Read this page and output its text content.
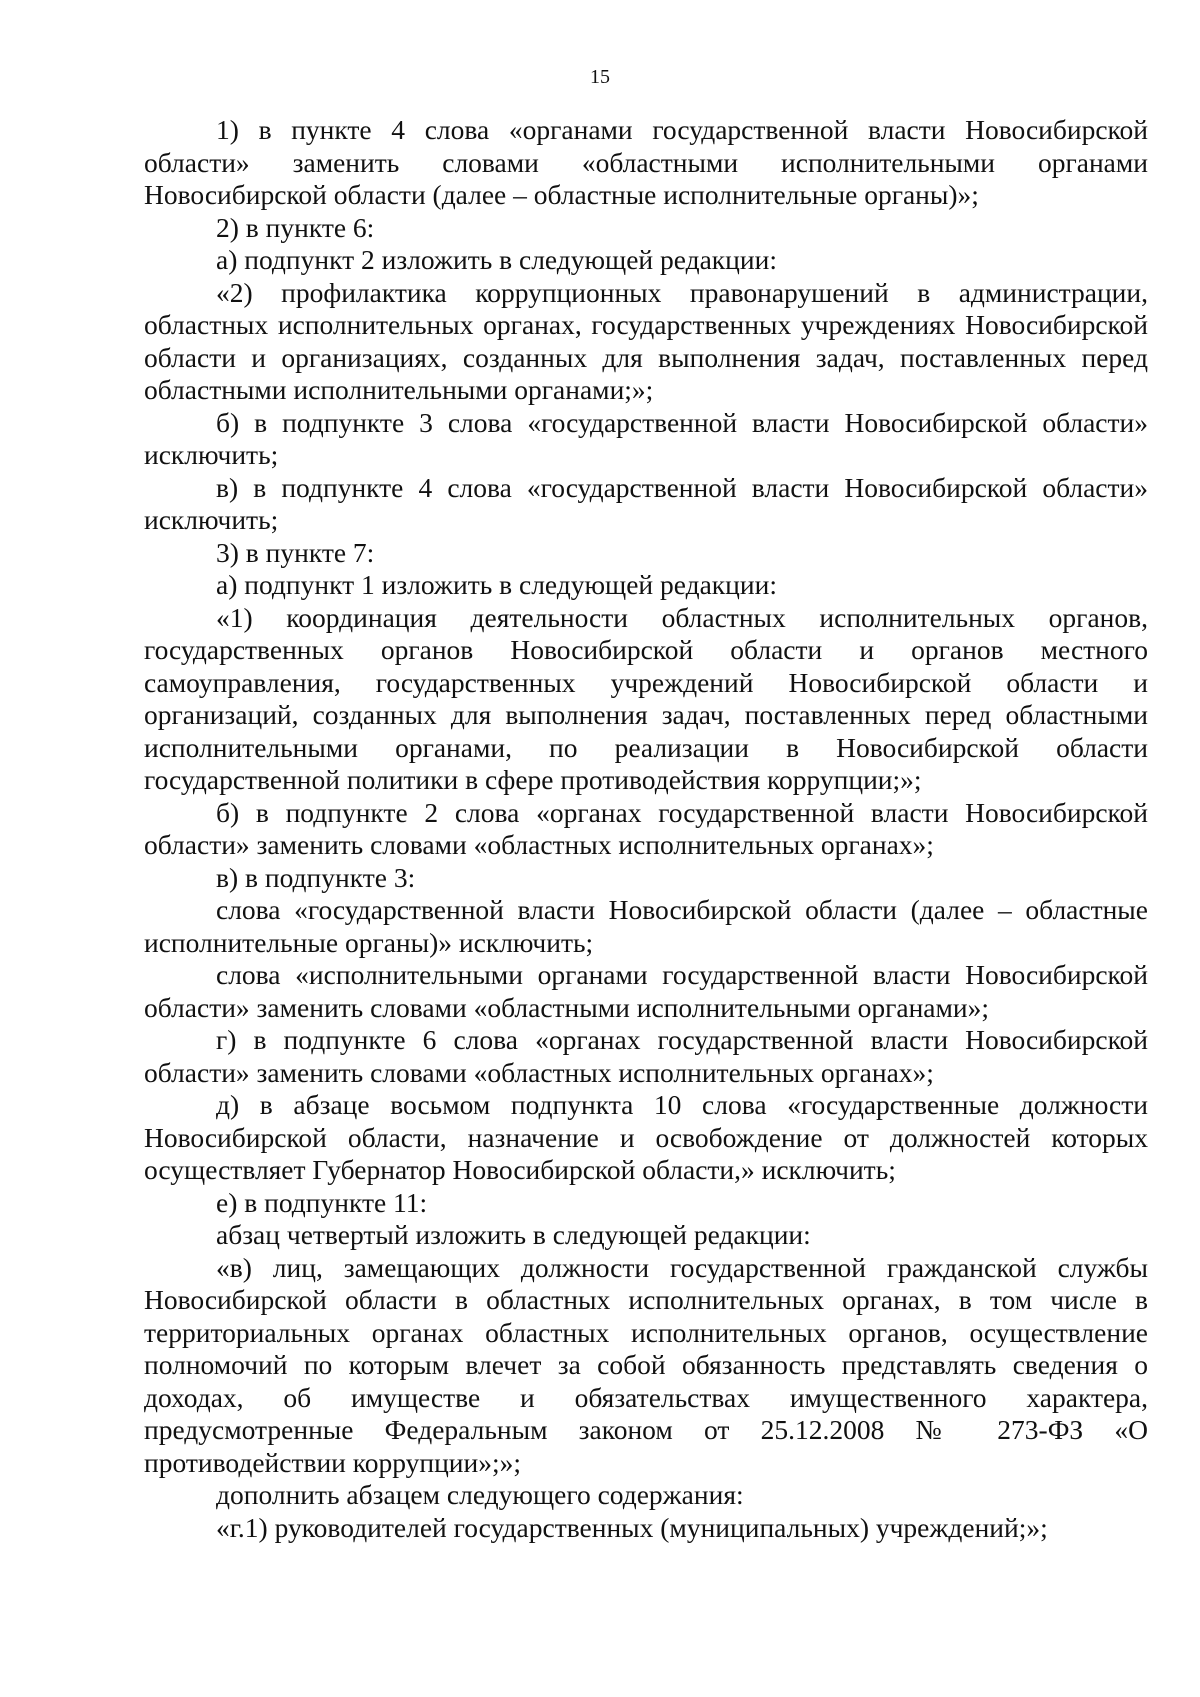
15

1) в пункте 4 слова «органами государственной власти Новосибирской области» заменить словами «областными исполнительными органами Новосибирской области (далее – областные исполнительные органы)»;

2) в пункте 6:

а) подпункт 2 изложить в следующей редакции:

«2) профилактика коррупционных правонарушений в администрации, областных исполнительных органах, государственных учреждениях Новосибирской области и организациях, созданных для выполнения задач, поставленных перед областными исполнительными органами;»;

б) в подпункте 3 слова «государственной власти Новосибирской области» исключить;

в) в подпункте 4 слова «государственной власти Новосибирской области» исключить;

3) в пункте 7:

а) подпункт 1 изложить в следующей редакции:

«1) координация деятельности областных исполнительных органов, государственных органов Новосибирской области и органов местного самоуправления, государственных учреждений Новосибирской области и организаций, созданных для выполнения задач, поставленных перед областными исполнительными органами, по реализации в Новосибирской области государственной политики в сфере противодействия коррупции;»;

б) в подпункте 2 слова «органах государственной власти Новосибирской области» заменить словами «областных исполнительных органах»;

в) в подпункте 3:

слова «государственной власти Новосибирской области (далее – областные исполнительные органы)» исключить;

слова «исполнительными органами государственной власти Новосибирской области» заменить словами «областными исполнительными органами»;

г) в подпункте 6 слова «органах государственной власти Новосибирской области» заменить словами «областных исполнительных органах»;

д) в абзаце восьмом подпункта 10 слова «государственные должности Новосибирской области, назначение и освобождение от должностей которых осуществляет Губернатор Новосибирской области,» исключить;

е) в подпункте 11:

абзац четвертый изложить в следующей редакции:

«в) лиц, замещающих должности государственной гражданской службы Новосибирской области в областных исполнительных органах, в том числе в территориальных органах областных исполнительных органов, осуществление полномочий по которым влечет за собой обязанность представлять сведения о доходах, об имуществе и обязательствах имущественного характера, предусмотренные Федеральным законом от 25.12.2008 № 273-ФЗ «О противодействии коррупции»;»;

дополнить абзацем следующего содержания:

«г.1) руководителей государственных (муниципальных) учреждений;»;
